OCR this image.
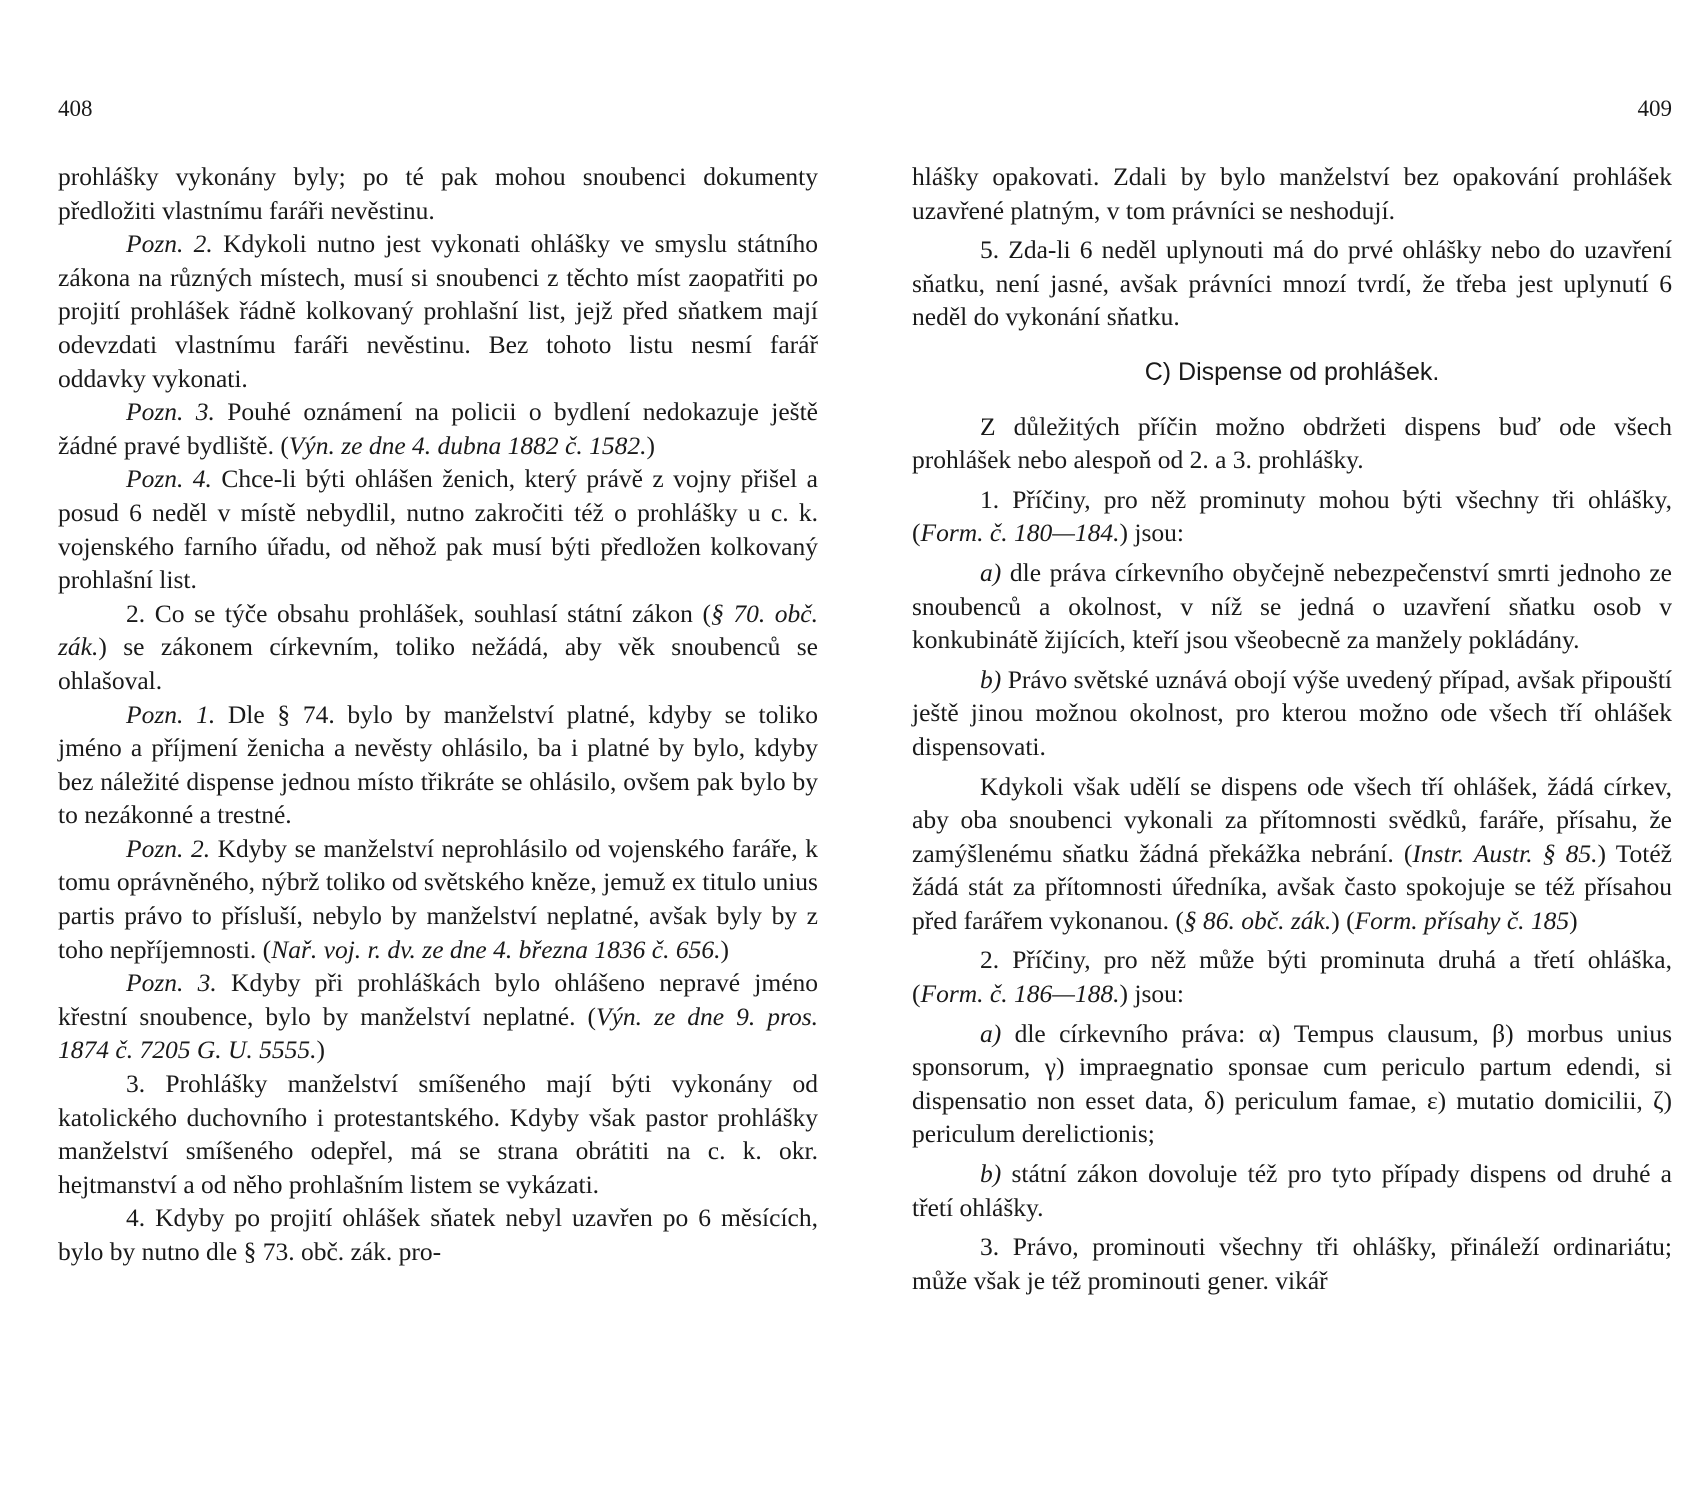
408

prohlášky vykonány byly; po té pak mohou snoubenci dokumenty předložiti vlastnímu faráři nevěstinu.

Pozn. 2. Kdykoli nutno jest vykonati ohlášky ve smyslu státního zákona na různých místech, musí si snoubenci z těchto míst zaopatřiti po projití prohlášek řádně kolkovaný prohlašní list, jejž před sňatkem mají odevzdati vlastnímu faráři nevěstinu. Bez tohoto listu nesmí farář oddavky vykonati.

Pozn. 3. Pouhé oznámení na policii o bydlení nedokazuje ještě žádné pravé bydliště. (Výn. ze dne 4. dubna 1882 č. 1582.)

Pozn. 4. Chce-li býti ohlášen ženich, který právě z vojny přišel a posud 6 neděl v místě nebydlil, nutno zakročiti též o prohlášky u c. k. vojenského farního úřadu, od něhož pak musí býti předložen kolkovaný prohlašní list.

2. Co se týče obsahu prohlášek, souhlasí státní zákon (§ 70. obč. zák.) se zákonem církevním, toliko nežádá, aby věk snoubenců se ohlašoval.

Pozn. 1. Dle § 74. bylo by manželství platné, kdyby se toliko jméno a příjmení ženicha a nevěsty ohlásilo, ba i platné by bylo, kdyby bez náležité dispense jednou místo třikráte se ohlásilo, ovšem pak bylo by to nezákonné a trestné.

Pozn. 2. Kdyby se manželství neprohlásilo od vojenského faráře, k tomu oprávněného, nýbrž toliko od světského kněze, jemuž ex titulo unius partis právo to přísluší, nebylo by manželství neplatné, avšak byly by z toho nepříjemnosti. (Nař. voj. r. dv. ze dne 4. března 1836 č. 656.)

Pozn. 3. Kdyby při prohláškách bylo ohlášeno nepravé jméno křestní snoubence, bylo by manželství neplatné. (Výn. ze dne 9. pros. 1874 č. 7205 G. U. 5555.)

3. Prohlášky manželství smíšeného mají býti vykonány od katolického duchovního i protestantského. Kdyby však pastor prohlášky manželství smíšeného odepřel, má se strana obrátiti na c. k. okr. hejtmanství a od něho prohlašním listem se vykázati.

4. Kdyby po projití ohlášek sňatek nebyl uzavřen po 6 měsících, bylo by nutno dle § 73. obč. zák. pro-

409

hlášky opakovati. Zdali by bylo manželství bez opakování prohlášek uzavřené platným, v tom právníci se neshodují.

5. Zda-li 6 neděl uplynouti má do prvé ohlášky nebo do uzavření sňatku, není jasné, avšak právníci mnozí tvrdí, že třeba jest uplynutí 6 neděl do vykonání sňatku.

C) Dispense od prohlášek.

Z důležitých příčin možno obdržeti dispens buď ode všech prohlášek nebo alespoň od 2. a 3. prohlášky.

1. Příčiny, pro něž prominuty mohou býti všechny tři ohlášky, (Form. č. 180—184.) jsou:

a) dle práva církevního obyčejně nebezpečenství smrti jednoho ze snoubenců a okolnost, v níž se jedná o uzavření sňatku osob v konkubinátě žijících, kteří jsou všeobecně za manžely pokládány.

b) Právo světské uznává obojí výše uvedený případ, avšak připouští ještě jinou možnou okolnost, pro kterou možno ode všech tří ohlášek dispensovati.

Kdykoli však udělí se dispens ode všech tří ohlášek, žádá církev, aby oba snoubenci vykonali za přítomnosti svědků, faráře, přísahu, že zamýšlenému sňatku žádná překážka nebrání. (Instr. Austr. § 85.) Totéž žádá stát za přítomnosti úředníka, avšak často spokojuje se též přísahou před farářem vykonanou. (§ 86. obč. zák.) (Form. přísahy č. 185)

2. Příčiny, pro něž může býti prominuta druhá a třetí ohláška, (Form. č. 186—188.) jsou:

a) dle církevního práva: α) Tempus clausum, β) morbus unius sponsorum, γ) impraegnatio sponsae cum periculo partum edendi, si dispensatio non esset data, δ) periculum famae, ε) mutatio domicilii, ζ) periculum derelictionis;

b) státní zákon dovoluje též pro tyto případy dispens od druhé a třetí ohlášky.

3. Právo, prominouti všechny tři ohlášky, přináleží ordinariátu; může však je též prominouti gener. vikář
